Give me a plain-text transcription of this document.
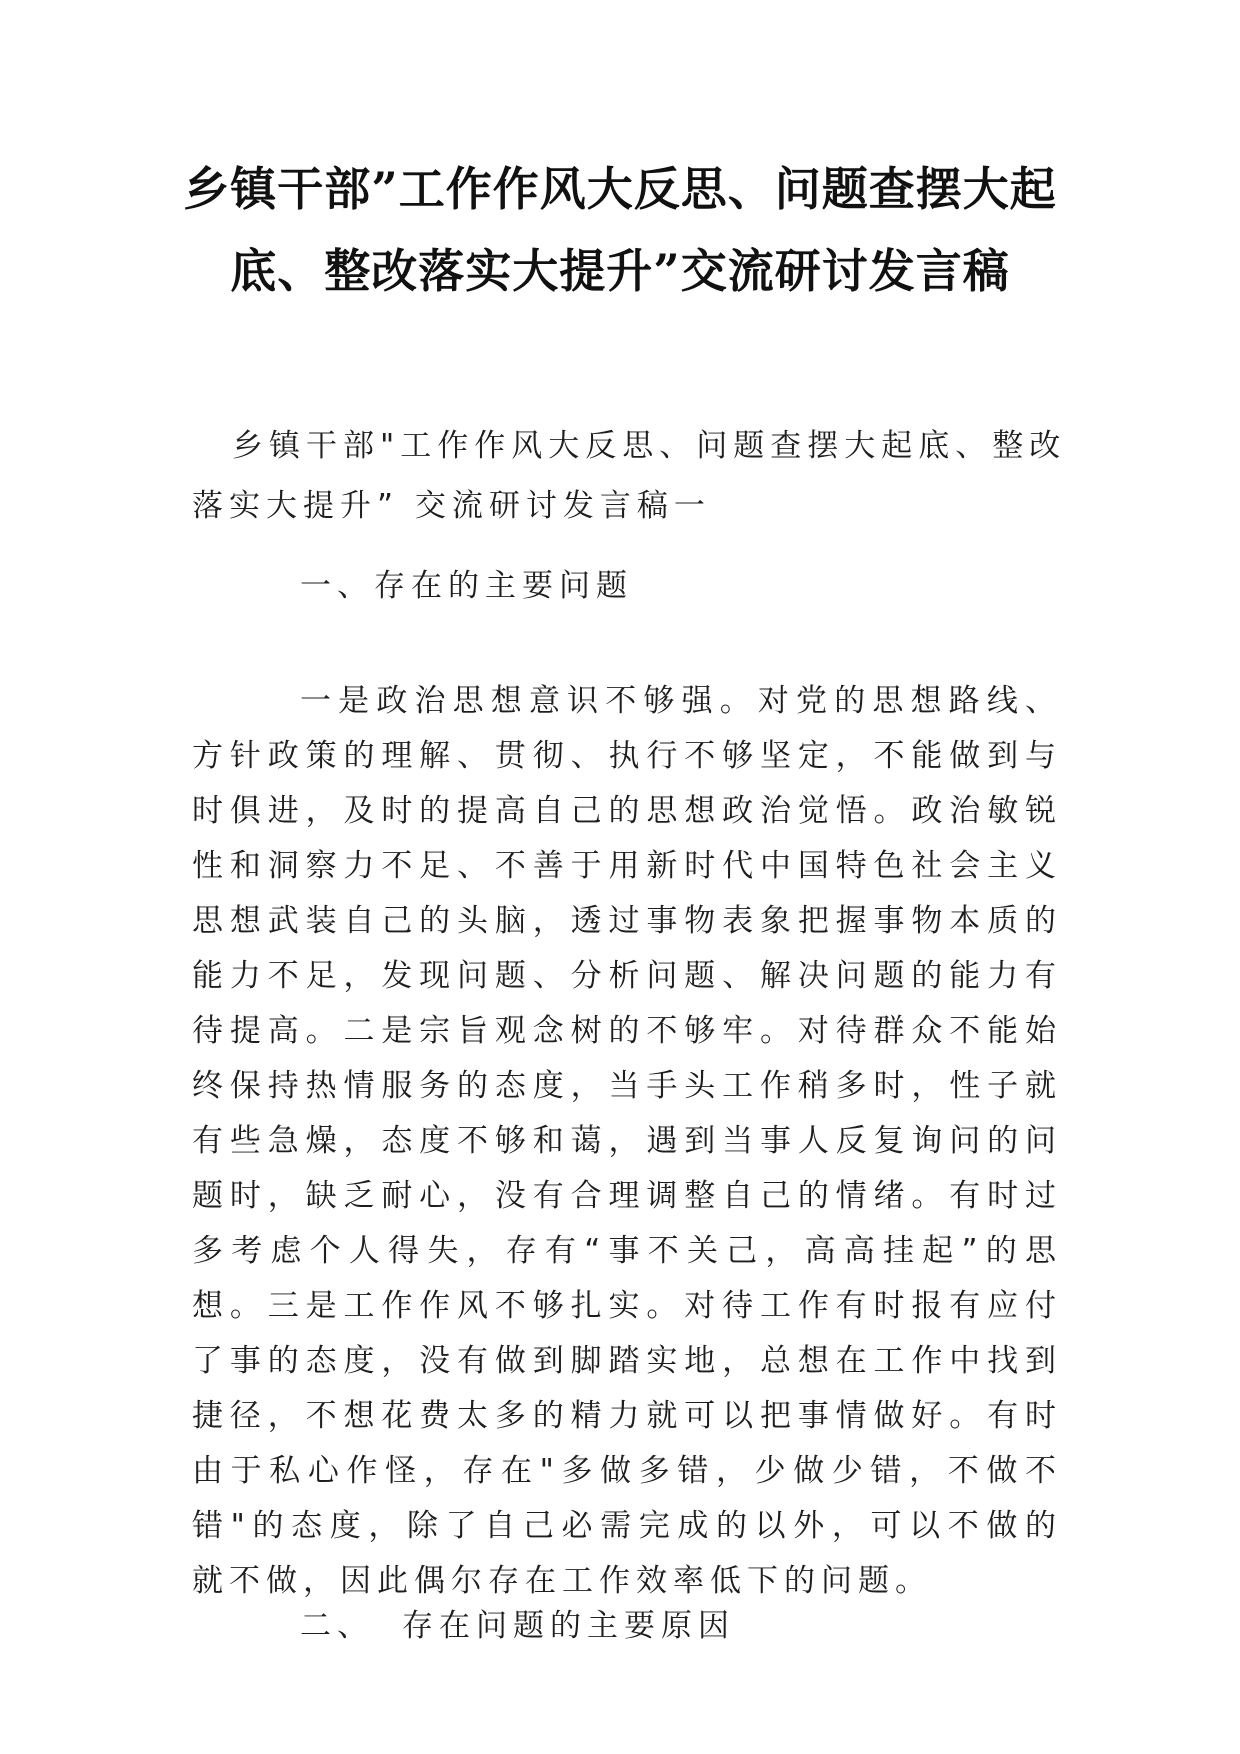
乡镇干部”工作作风大反思、问题查摆大起
底、整改落实大提升”交流研讨发言稿

乡镇干部"工作作风大反思、问题查摆大起底、整改落实大提升” 交流研讨发言稿一

一、存在的主要问题

一是政治思想意识不够强。对党的思想路线、方针政策的理解、贯彻、执行不够坚定，不能做到与时俱进，及时的提高自己的思想政治觉悟。政治敏锐性和洞察力不足、不善于用新时代中国特色社会主义思想武装自己的头脑，透过事物表象把握事物本质的能力不足，发现问题、分析问题、解决问题的能力有待提高。二是宗旨观念树的不够牢。对待群众不能始终保持热情服务的态度，当手头工作稍多时，性子就有些急燥，态度不够和蔼，遇到当事人反复询问的问题时，缺乏耐心，没有合理调整自己的情绪。有时过多考虑个人得失，存有“事不关己，高高挂起”的思想。三是工作作风不够扎实。对待工作有时报有应付了事的态度，没有做到脚踏实地，总想在工作中找到捷径，不想花费太多的精力就可以把事情做好。有时由于私心作怪，存在"多做多错，少做少错，不做不错"的态度，除了自己必需完成的以外，可以不做的就不做，因此偶尔存在工作效率低下的问题。

二、 存在问题的主要原因
